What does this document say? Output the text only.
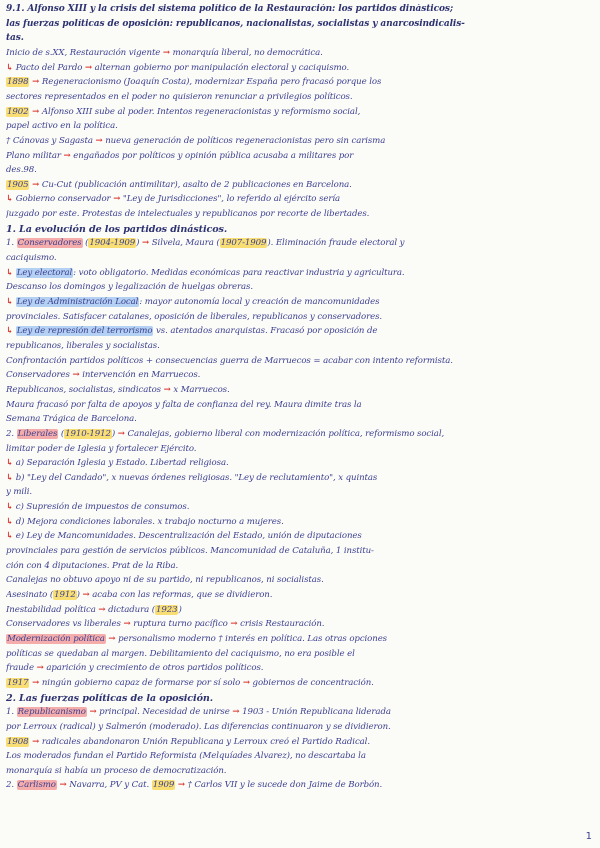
9.1. Alfonso XIII y la crisis del sistema político de la Restauración: los partidos dinásticos;
las fuerzas políticas de oposición: republicanos, nacionalistas, socialistas y anarcosindicalis-
tas.
Inicio de s.XX, Restauración vigente → monarquía liberal, no democrática.
↳ Pacto del Pardo → alternan gobierno por manipulación electoral y caciquismo.
1898 → Regeneracionismo (Joaquín Costa), modernizar España pero fracasó porque los
sectores representados en el poder no quisieron renunciar a privilegios políticos.
1902 → Alfonso XIII sube al poder. Intentos regeneracionistas y reformismo social,
papel activo en la política.
† Cánovas y Sagasta → nueva generación de políticos regeneracionistas pero sin carisma
Plano militar → engañados por políticos y opinión pública acusaba a militares por
des.98.
1905 → Cu-Cut (publicación antimilitar), asalto de 2 publicaciones en Barcelona.
↳ Gobierno conservador → "Ley de Jurisdicciones", lo referido al ejército sería
juzgado por este. Protestas de intelectuales y republicanos por recorte de libertades.
1. La evolución de los partidos dinásticos.
1. Conservadores (1904-1909) → Silvela, Maura (1907-1909). Eliminación fraude electoral y
caciquismo.
↳ Ley electoral: voto obligatorio. Medidas económicas para reactivar industria y agricultura.
Descanso los domingos y legalización de huelgas obreras.
↳ Ley de Administración Local: mayor autonomía local y creación de mancomunidades
provinciales. Satisfacer catalanes, oposición de liberales, republicanos y conservadores.
↳ Ley de represión del terrorismo vs. atentados anarquistas. Fracasó por oposición de
republicanos, liberales y socialistas.
Confrontación partidos políticos + consecuencias guerra de Marruecos = acabar con intento reformista.
Conservadores → intervención en Marruecos.
Republicanos, socialistas, sindicatos → x Marruecos.
Maura fracasó por falta de apoyos y falta de confianza del rey. Maura dimite tras la
Semana Trágica de Barcelona.
2. Liberales (1910-1912) → Canalejas, gobierno liberal con modernización política, reformismo social,
limitar poder de Iglesia y fortalecer Ejército.
↳ a) Separación Iglesia y Estado. Libertad religiosa.
↳ b) "Ley del Candado", x nuevas órdenes religiosas. "Ley de reclutamiento", x quintas
y mili.
↳ c) Supresión de impuestos de consumos.
↳ d) Mejora condiciones laborales. x trabajo nocturno a mujeres.
↳ e) Ley de Mancomunidades. Descentralización del Estado, unión de diputaciones
provinciales para gestión de servicios públicos. Mancomunidad de Cataluña, 1 institu-
ción con 4 diputaciones. Prat de la Riba.
Canalejas no obtuvo apoyo ni de su partido, ni republicanos, ni socialistas.
Asesinato (1912) → acaba con las reformas, que se dividieron.
Inestabilidad política → dictadura (1923)
Conservadores vs liberales → ruptura turno pacífico → crisis Restauración.
Modernización política → personalismo moderno † interés en política. Las otras opciones
políticas se quedaban al margen. Debilitamiento del caciquismo, no era posible el
fraude → aparición y crecimiento de otros partidos políticos.
1917 → ningún gobierno capaz de formarse por sí solo → gobiernos de concentración.
2. Las fuerzas políticas de la oposición.
1. Republicanismo → principal. Necesidad de unirse → 1903 - Unión Republicana liderada
por Lerroux (radical) y Salmerón (moderado). Las diferencias continuaron y se dividieron.
1908 → radicales abandonaron Unión Republicana y Lerroux creó el Partido Radical.
Los moderados fundan el Partido Reformista (Melquíades Álvarez), no descartaba la
monarquía si había un proceso de democratización.
2. Carlismo → Navarra, PV y Cat. 1909 → † Carlos VII y le sucede don Jaime de Borbón.
1
